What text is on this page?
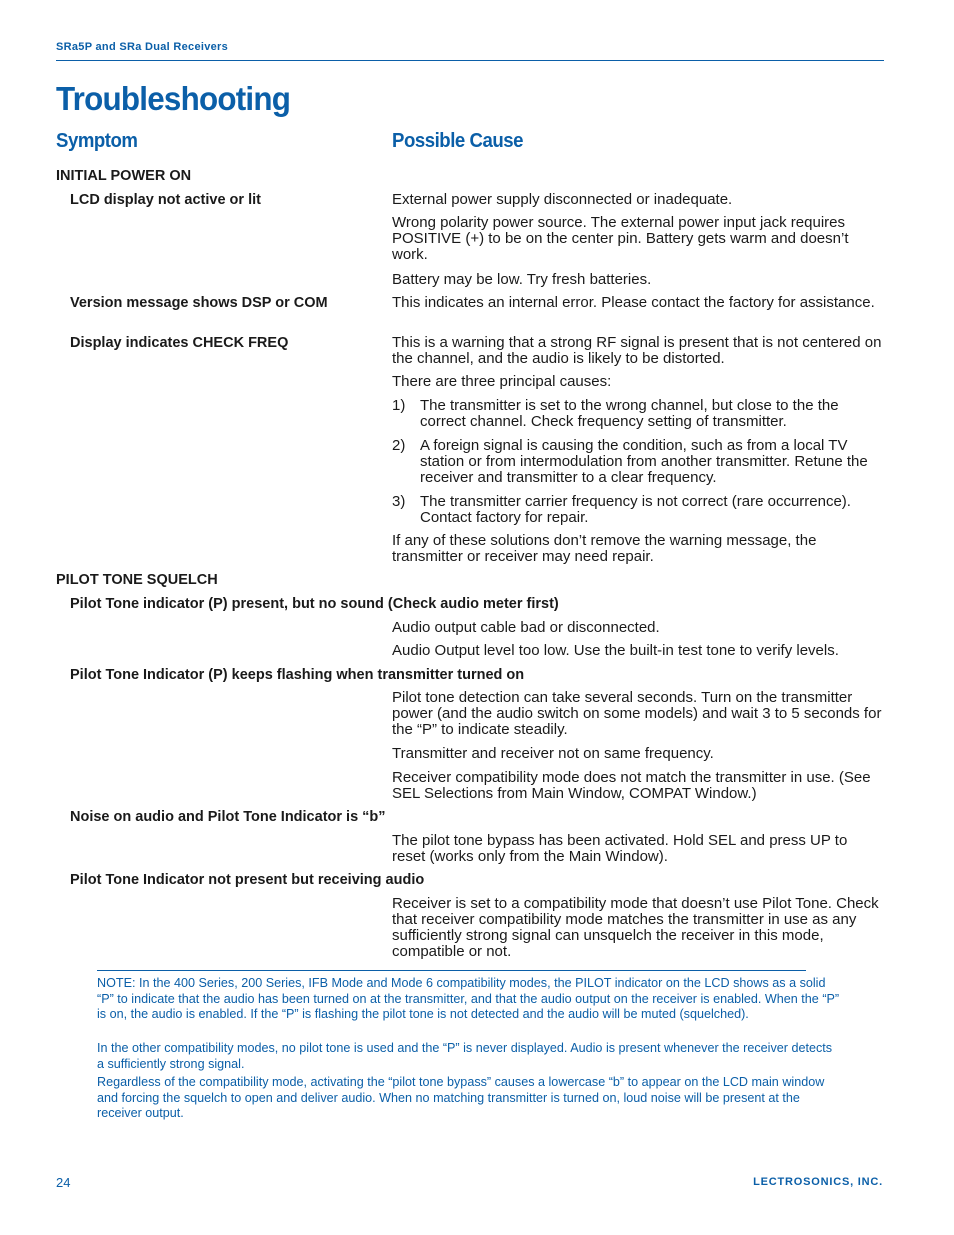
SRa5P and SRa Dual Receivers
Troubleshooting
Symptom	Possible Cause
INITIAL POWER ON
LCD display not active or lit	External power supply disconnected or inadequate.
Wrong polarity power source. The external power input jack requires POSITIVE (+) to be on the center pin. Battery gets warm and doesn’t work.
Battery may be low. Try fresh batteries.
Version message shows DSP or COM	This indicates an internal error. Please contact the factory for assistance.
Display indicates CHECK FREQ	This is a warning that a strong RF signal is present that is not centered on the channel, and the audio is likely to be distorted.
There are three principal causes:
1) The transmitter is set to the wrong channel, but close to the the correct channel. Check frequency setting of transmitter.
2) A foreign signal is causing the condition, such as from a local TV station or from intermodulation from another transmitter. Retune the receiver and transmitter to a clear frequency.
3) The transmitter carrier frequency is not correct (rare occurrence). Contact factory for repair.
If any of these solutions don’t remove the warning message, the transmitter or receiver may need repair.
PILOT TONE SQUELCH
Pilot Tone indicator (P) present, but no sound (Check audio meter first)
Audio output cable bad or disconnected.
Audio Output level too low. Use the built-in test tone to verify levels.
Pilot Tone Indicator (P) keeps flashing when transmitter turned on
Pilot tone detection can take several seconds. Turn on the transmitter power (and the audio switch on some models) and wait 3 to 5 seconds for the “P” to indicate steadily.
Transmitter and receiver not on same frequency.
Receiver compatibility mode does not match the transmitter in use. (See SEL Selections from Main Window, COMPAT Window.)
Noise on audio and Pilot Tone Indicator is “b”
The pilot tone bypass has been activated. Hold SEL and press UP to reset (works only from the Main Window).
Pilot Tone Indicator not present but receiving audio
Receiver is set to a compatibility mode that doesn’t use Pilot Tone. Check that receiver compatibility mode matches the transmitter in use as any sufficiently strong signal can unsquelch the receiver in this mode, compatible or not.
NOTE: In the 400 Series, 200 Series, IFB Mode and Mode 6 compatibility modes, the PILOT indicator on the LCD shows as a solid “P” to indicate that the audio has been turned on at the transmitter, and that the audio output on the receiver is enabled. When the “P” is on, the audio is enabled. If the “P” is flashing the pilot tone is not detected and the audio will be muted (squelched).
In the other compatibility modes, no pilot tone is used and the “P” is never displayed. Audio is present whenever the receiver detects a sufficiently strong signal.
Regardless of the compatibility mode, activating the “pilot tone bypass” causes a lowercase “b” to appear on the LCD main window and forcing the squelch to open and deliver audio. When no matching transmitter is turned on, loud noise will be present at the receiver output.
24	LECTROSONICS, INC.
